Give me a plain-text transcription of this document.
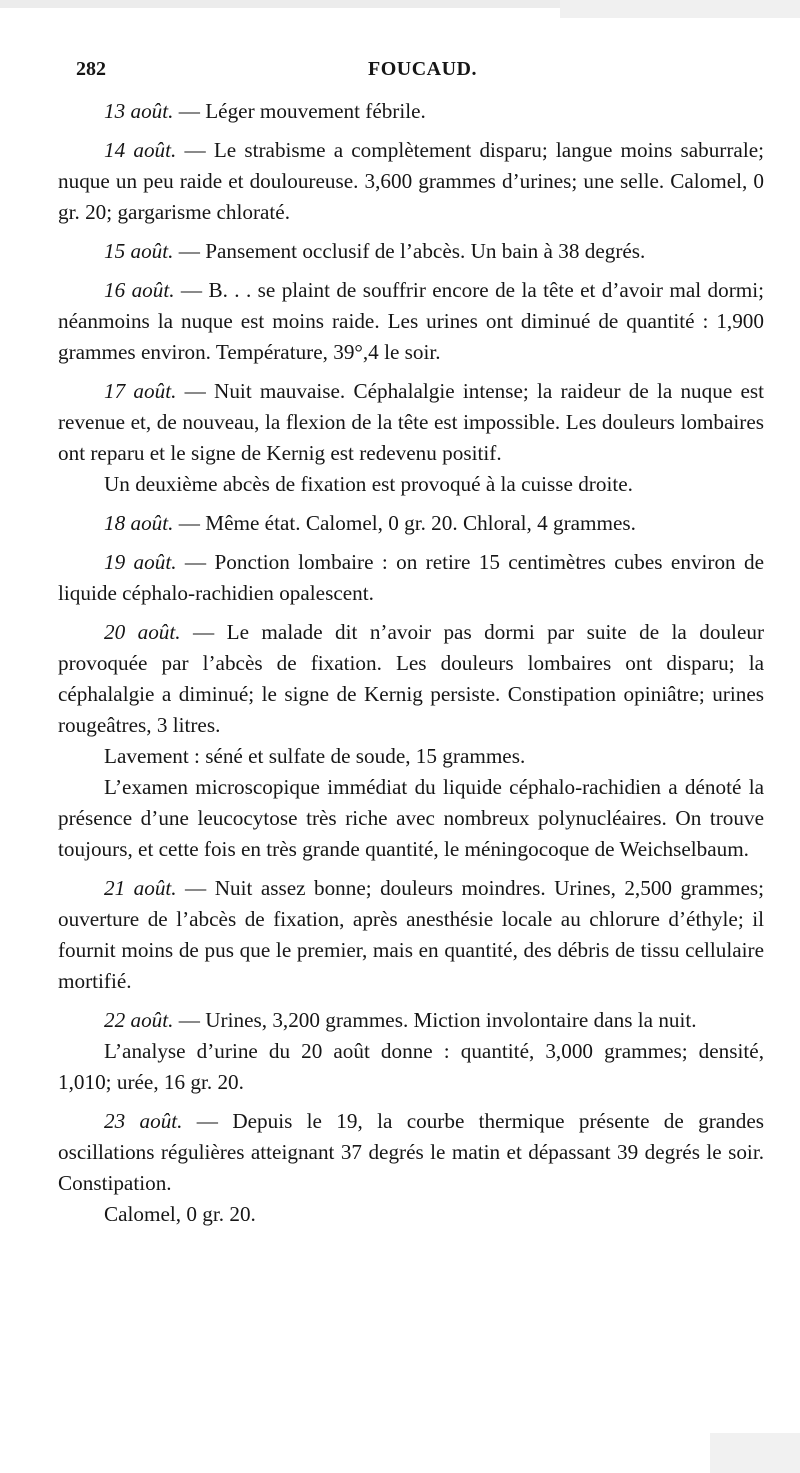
282	FOUCAUD.

13 août. — Léger mouvement fébrile.

14 août. — Le strabisme a complètement disparu; langue moins saburrale; nuque un peu raide et douloureuse. 3,600 grammes d’urines; une selle. Calomel, 0 gr. 20; gargarisme chloraté.

15 août. — Pansement occlusif de l’abcès. Un bain à 38 degrés.

16 août. — B. . . se plaint de souffrir encore de la tête et d’avoir mal dormi; néanmoins la nuque est moins raide. Les urines ont diminué de quantité : 1,900 grammes environ. Température, 39°,4 le soir.

17 août. — Nuit mauvaise. Céphalalgie intense; la raideur de la nuque est revenue et, de nouveau, la flexion de la tête est impossible. Les douleurs lombaires ont reparu et le signe de Kernig est redevenu positif.

Un deuxième abcès de fixation est provoqué à la cuisse droite.

18 août. — Même état. Calomel, 0 gr. 20. Chloral, 4 grammes.

19 août. — Ponction lombaire : on retire 15 centimètres cubes environ de liquide céphalo-rachidien opalescent.

20 août. — Le malade dit n’avoir pas dormi par suite de la douleur provoquée par l’abcès de fixation. Les douleurs lombaires ont disparu; la céphalalgie a diminué; le signe de Kernig persiste. Constipation opiniâtre; urines rougeâtres, 3 litres.

Lavement : séné et sulfate de soude, 15 grammes.

L’examen microscopique immédiat du liquide céphalo-rachidien a dénoté la présence d’une leucocytose très riche avec nombreux polynucléaires. On trouve toujours, et cette fois en très grande quantité, le méningocoque de Weichselbaum.

21 août. — Nuit assez bonne; douleurs moindres. Urines, 2,500 grammes; ouverture de l’abcès de fixation, après anesthésie locale au chlorure d’éthyle; il fournit moins de pus que le premier, mais en quantité, des débris de tissu cellulaire mortifié.

22 août. — Urines, 3,200 grammes. Miction involontaire dans la nuit.

L’analyse d’urine du 20 août donne : quantité, 3,000 grammes; densité, 1,010; urée, 16 gr. 20.

23 août. — Depuis le 19, la courbe thermique présente de grandes oscillations régulières atteignant 37 degrés le matin et dépassant 39 degrés le soir. Constipation.

Calomel, 0 gr. 20.
